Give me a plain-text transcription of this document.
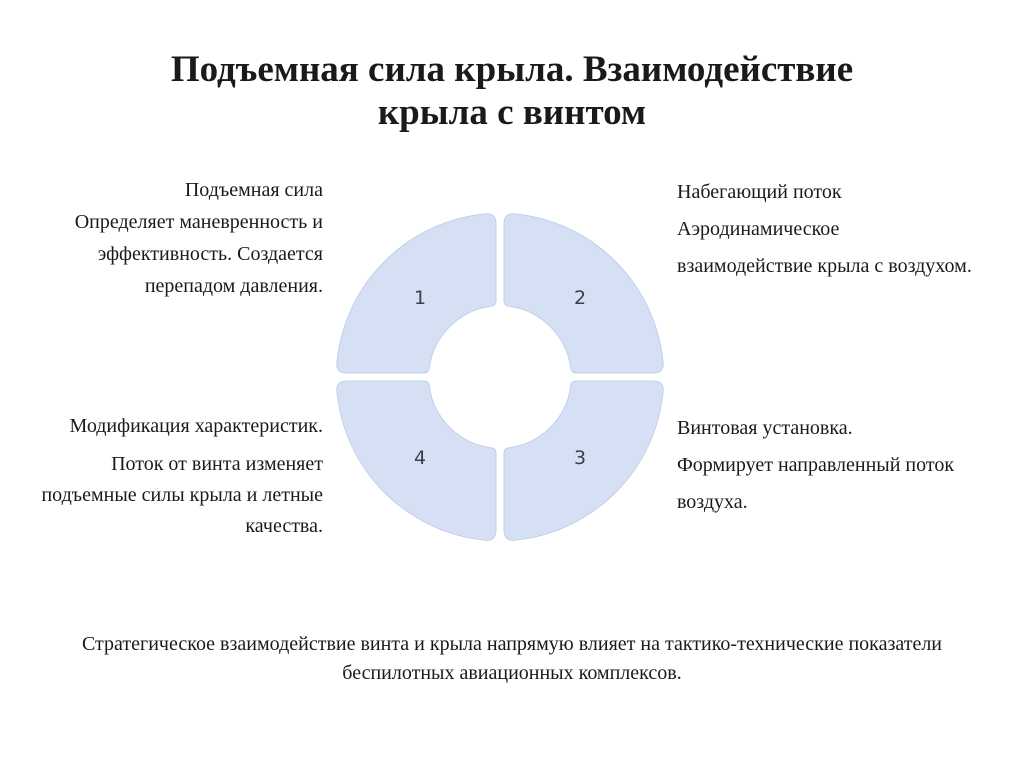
Подъемная сила крыла. Взаимодействие
крыла с винтом

Подъемная сила

Определяет маневренность и эффективность. Создается перепадом давления.

Набегающий поток

Аэродинамическое взаимодействие крыла с воздухом.

Модификация характеристик.

Поток от винта изменяет подъемные силы крыла и летные качества.

Винтовая установка.

Формирует направленный поток воздуха.

1	2
3
4
Стратегическое взаимодействие винта и крыла напрямую влияет на тактико-технические показатели беспилотных авиационных комплексов.
